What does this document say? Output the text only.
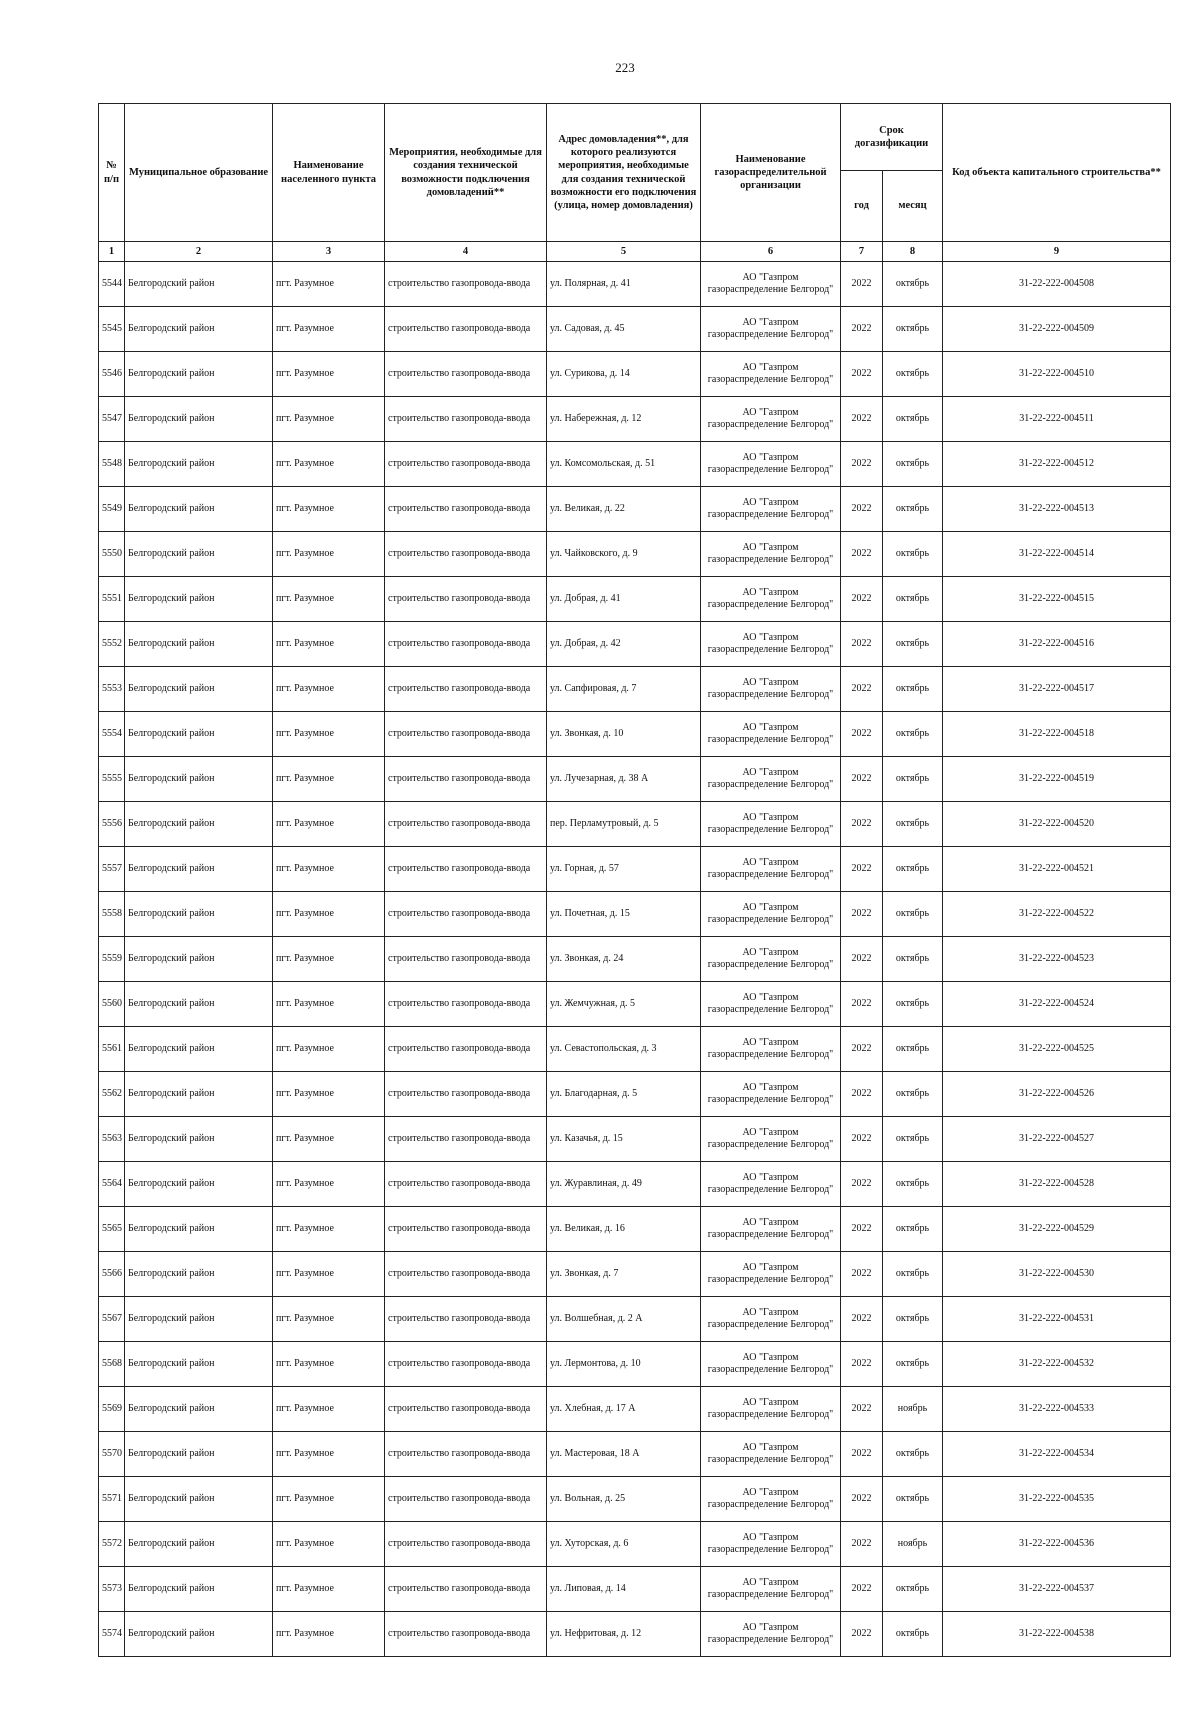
223
№ п/п	Муниципальное образование	Наименование населенного пункта	Мероприятия, необходимые для создания технической возможности подключения домовладений**	Адрес домовладения**, для которого реализуются мероприятия, необходимые для создания технической возможности его подключения (улица, номер домовладения)	Наименование газораспределительной организации	Срок догазификации		Код объекта капитального строительства**
						год	месяц	
1	2	3	4	5	6	7	8	9
5544	Белгородский район	пгт. Разумное	строительство газопровода-ввода	ул. Полярная, д. 41	АО "Газпром
газораспределение Белгород"	2022	октябрь	31-22-222-004508
5545	Белгородский район	пгт. Разумное	строительство газопровода-ввода	ул. Садовая, д. 45	АО "Газпром
газораспределение Белгород"	2022	октябрь	31-22-222-004509
5546	Белгородский район	пгт. Разумное	строительство газопровода-ввода	ул. Сурикова, д. 14	АО "Газпром
газораспределение Белгород"	2022	октябрь	31-22-222-004510
5547	Белгородский район	пгт. Разумное	строительство газопровода-ввода	ул. Набережная, д. 12	АО "Газпром
газораспределение Белгород"	2022	октябрь	31-22-222-004511
5548	Белгородский район	пгт. Разумное	строительство газопровода-ввода	ул. Комсомольская, д. 51	АО "Газпром
газораспределение Белгород"	2022	октябрь	31-22-222-004512
5549	Белгородский район	пгт. Разумное	строительство газопровода-ввода	ул. Великая, д. 22	АО "Газпром
газораспределение Белгород"	2022	октябрь	31-22-222-004513
5550	Белгородский район	пгт. Разумное	строительство газопровода-ввода	ул. Чайковского, д. 9	АО "Газпром
газораспределение Белгород"	2022	октябрь	31-22-222-004514
5551	Белгородский район	пгт. Разумное	строительство газопровода-ввода	ул. Добрая, д. 41	АО "Газпром
газораспределение Белгород"	2022	октябрь	31-22-222-004515
5552	Белгородский район	пгт. Разумное	строительство газопровода-ввода	ул. Добрая, д. 42	АО "Газпром
газораспределение Белгород"	2022	октябрь	31-22-222-004516
5553	Белгородский район	пгт. Разумное	строительство газопровода-ввода	ул. Сапфировая, д. 7	АО "Газпром
газораспределение Белгород"	2022	октябрь	31-22-222-004517
5554	Белгородский район	пгт. Разумное	строительство газопровода-ввода	ул. Звонкая, д. 10	АО "Газпром
газораспределение Белгород"	2022	октябрь	31-22-222-004518
5555	Белгородский район	пгт. Разумное	строительство газопровода-ввода	ул. Лучезарная, д. 38 А	АО "Газпром
газораспределение Белгород"	2022	октябрь	31-22-222-004519
5556	Белгородский район	пгт. Разумное	строительство газопровода-ввода	пер. Перламутровый, д. 5	АО "Газпром
газораспределение Белгород"	2022	октябрь	31-22-222-004520
5557	Белгородский район	пгт. Разумное	строительство газопровода-ввода	ул. Горная, д. 57	АО "Газпром
газораспределение Белгород"	2022	октябрь	31-22-222-004521
5558	Белгородский район	пгт. Разумное	строительство газопровода-ввода	ул. Почетная, д. 15	АО "Газпром
газораспределение Белгород"	2022	октябрь	31-22-222-004522
5559	Белгородский район	пгт. Разумное	строительство газопровода-ввода	ул. Звонкая, д. 24	АО "Газпром
газораспределение Белгород"	2022	октябрь	31-22-222-004523
5560	Белгородский район	пгт. Разумное	строительство газопровода-ввода	ул. Жемчужная, д. 5	АО "Газпром
газораспределение Белгород"	2022	октябрь	31-22-222-004524
5561	Белгородский район	пгт. Разумное	строительство газопровода-ввода	ул. Севастопольская, д. 3	АО "Газпром
газораспределение Белгород"	2022	октябрь	31-22-222-004525
5562	Белгородский район	пгт. Разумное	строительство газопровода-ввода	ул. Благодарная, д. 5	АО "Газпром
газораспределение Белгород"	2022	октябрь	31-22-222-004526
5563	Белгородский район	пгт. Разумное	строительство газопровода-ввода	ул. Казачья, д. 15	АО "Газпром
газораспределение Белгород"	2022	октябрь	31-22-222-004527
5564	Белгородский район	пгт. Разумное	строительство газопровода-ввода	ул. Журавлиная, д. 49	АО "Газпром
газораспределение Белгород"	2022	октябрь	31-22-222-004528
5565	Белгородский район	пгт. Разумное	строительство газопровода-ввода	ул. Великая, д. 16	АО "Газпром
газораспределение Белгород"	2022	октябрь	31-22-222-004529
5566	Белгородский район	пгт. Разумное	строительство газопровода-ввода	ул. Звонкая, д. 7	АО "Газпром
газораспределение Белгород"	2022	октябрь	31-22-222-004530
5567	Белгородский район	пгт. Разумное	строительство газопровода-ввода	ул. Волшебная, д. 2 А	АО "Газпром
газораспределение Белгород"	2022	октябрь	31-22-222-004531
5568	Белгородский район	пгт. Разумное	строительство газопровода-ввода	ул. Лермонтова, д. 10	АО "Газпром
газораспределение Белгород"	2022	октябрь	31-22-222-004532
5569	Белгородский район	пгт. Разумное	строительство газопровода-ввода	ул. Хлебная, д. 17 А	АО "Газпром
газораспределение Белгород"	2022	ноябрь	31-22-222-004533
5570	Белгородский район	пгт. Разумное	строительство газопровода-ввода	ул. Мастеровая, 18 А	АО "Газпром
газораспределение Белгород"	2022	октябрь	31-22-222-004534
5571	Белгородский район	пгт. Разумное	строительство газопровода-ввода	ул. Вольная, д. 25	АО "Газпром
газораспределение Белгород"	2022	октябрь	31-22-222-004535
5572	Белгородский район	пгт. Разумное	строительство газопровода-ввода	ул. Хуторская, д. 6	АО "Газпром
газораспределение Белгород"	2022	ноябрь	31-22-222-004536
5573	Белгородский район	пгт. Разумное	строительство газопровода-ввода	ул. Липовая, д. 14	АО "Газпром
газораспределение Белгород"	2022	октябрь	31-22-222-004537
5574	Белгородский район	пгт. Разумное	строительство газопровода-ввода	ул. Нефритовая, д. 12	АО "Газпром
газораспределение Белгород"	2022	октябрь	31-22-222-004538
